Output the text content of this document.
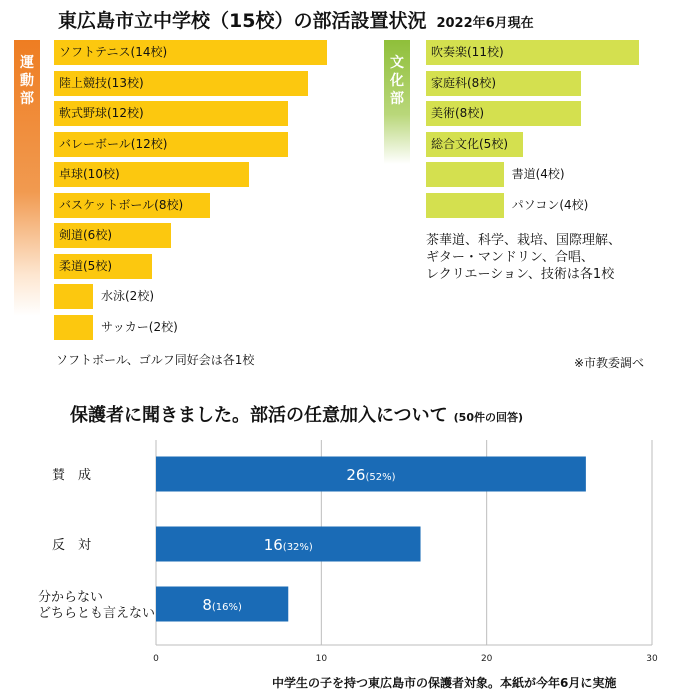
東広島市立中学校（15校）の部活設置状況 2022年6月現在
運
動
部
文
化
部
ソフトテニス(14校)
陸上競技(13校)
軟式野球(12校)
バレーボール(12校)
卓球(10校)
バスケットボール(8校)
剣道(6校)
柔道(5校)
水泳(2校)
サッカー(2校)
ソフトボール、ゴルフ同好会は各1校
吹奏楽(11校)
家庭科(8校)
美術(8校)
総合文化(5校)
書道(4校)
パソコン(4校)
茶華道、科学、栽培、国際理解、
ギター・マンドリン、合唱、
レクリエーション、技術は各1校
※市教委調べ
保護者に聞きました。部活の任意加入について (50件の回答)
0	10	20	30
賛　成	26(52%)
反　対	16(32%)
分からない
どちらとも言えない	8(16%)
中学生の子を持つ東広島市の保護者対象。本紙が今年6月に実施
